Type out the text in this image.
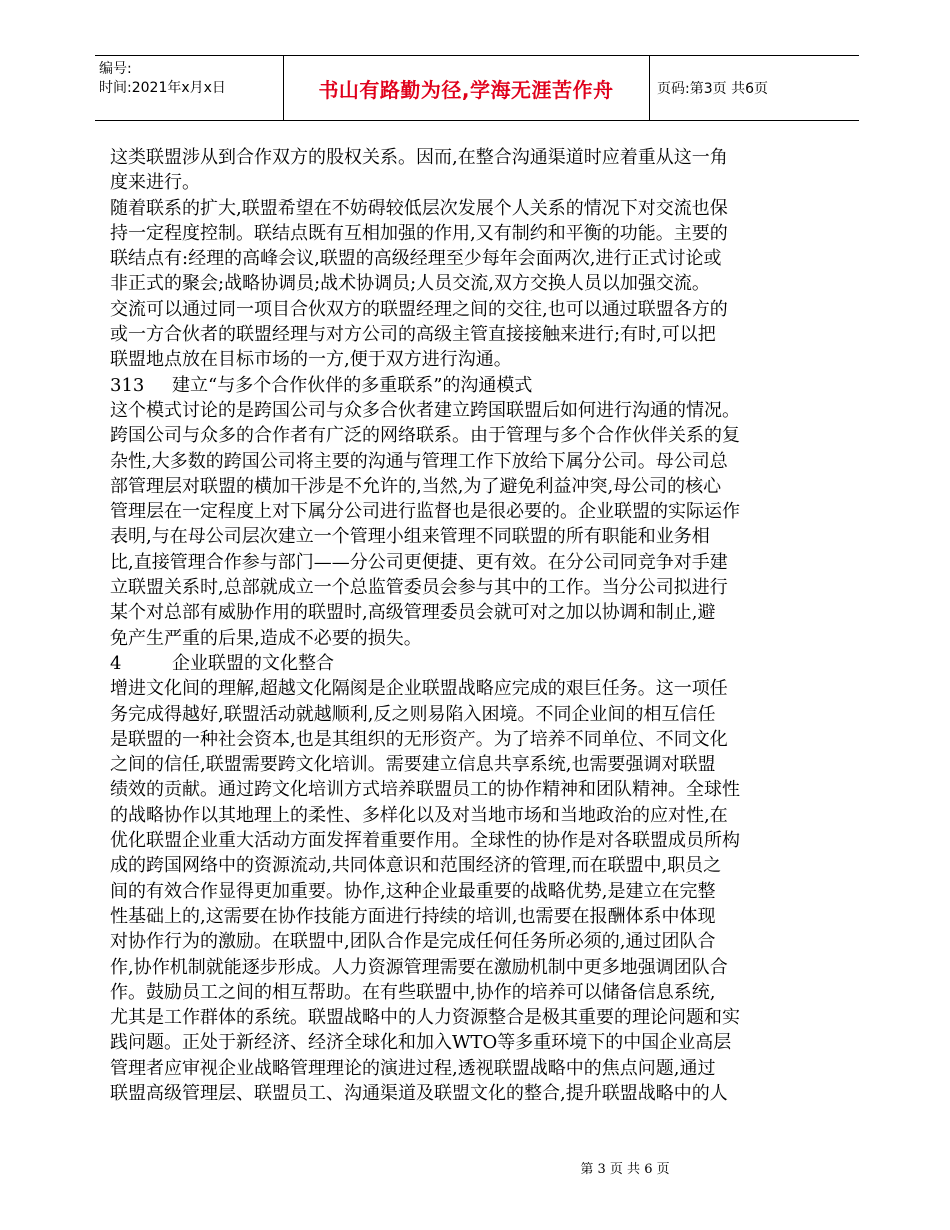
编号:
时间:2021年x月x日	书山有路勤为径,学海无涯苦作舟	页码:第3页 共6页
这类联盟涉从到合作双方的股权关系。因而,在整合沟通渠道时应着重从这一角
度来进行。
随着联系的扩大,联盟希望在不妨碍较低层次发展个人关系的情况下对交流也保
持一定程度控制。联结点既有互相加强的作用,又有制约和平衡的功能。主要的
联结点有:经理的高峰会议,联盟的高级经理至少每年会面两次,进行正式讨论或
非正式的聚会;战略协调员;战术协调员;人员交流,双方交换人员以加强交流。
交流可以通过同一项目合伙双方的联盟经理之间的交往,也可以通过联盟各方的
或一方合伙者的联盟经理与对方公司的高级主管直接接触来进行;有时,可以把
联盟地点放在目标市场的一方,便于双方进行沟通。
313 建立“与多个合作伙伴的多重联系”的沟通模式
这个模式讨论的是跨国公司与众多合伙者建立跨国联盟后如何进行沟通的情况。
跨国公司与众多的合作者有广泛的网络联系。由于管理与多个合作伙伴关系的复
杂性,大多数的跨国公司将主要的沟通与管理工作下放给下属分公司。母公司总
部管理层对联盟的横加干涉是不允许的,当然,为了避免利益冲突,母公司的核心
管理层在一定程度上对下属分公司进行监督也是很必要的。企业联盟的实际运作
表明,与在母公司层次建立一个管理小组来管理不同联盟的所有职能和业务相
比,直接管理合作参与部门——分公司更便捷、更有效。在分公司同竞争对手建
立联盟关系时,总部就成立一个总监管委员会参与其中的工作。当分公司拟进行
某个对总部有威胁作用的联盟时,高级管理委员会就可对之加以协调和制止,避
免产生严重的后果,造成不必要的损失。
4	企业联盟的文化整合
增进文化间的理解,超越文化隔阂是企业联盟战略应完成的艰巨任务。这一项任
务完成得越好,联盟活动就越顺利,反之则易陷入困境。不同企业间的相互信任
是联盟的一种社会资本,也是其组织的无形资产。为了培养不同单位、不同文化
之间的信任,联盟需要跨文化培训。需要建立信息共享系统,也需要强调对联盟
绩效的贡献。通过跨文化培训方式培养联盟员工的协作精神和团队精神。全球性
的战略协作以其地理上的柔性、多样化以及对当地市场和当地政治的应对性,在
优化联盟企业重大活动方面发挥着重要作用。全球性的协作是对各联盟成员所构
成的跨国网络中的资源流动,共同体意识和范围经济的管理,而在联盟中,职员之
间的有效合作显得更加重要。协作,这种企业最重要的战略优势,是建立在完整
性基础上的,这需要在协作技能方面进行持续的培训,也需要在报酬体系中体现
对协作行为的激励。在联盟中,团队合作是完成任何任务所必须的,通过团队合
作,协作机制就能逐步形成。人力资源管理需要在激励机制中更多地强调团队合
作。鼓励员工之间的相互帮助。在有些联盟中,协作的培养可以储备信息系统,
尤其是工作群体的系统。联盟战略中的人力资源整合是极其重要的理论问题和实
践问题。正处于新经济、经济全球化和加入WTO等多重环境下的中国企业高层
管理者应审视企业战略管理理论的演进过程,透视联盟战略中的焦点问题,通过
联盟高级管理层、联盟员工、沟通渠道及联盟文化的整合,提升联盟战略中的人
第 3 页 共 6 页
